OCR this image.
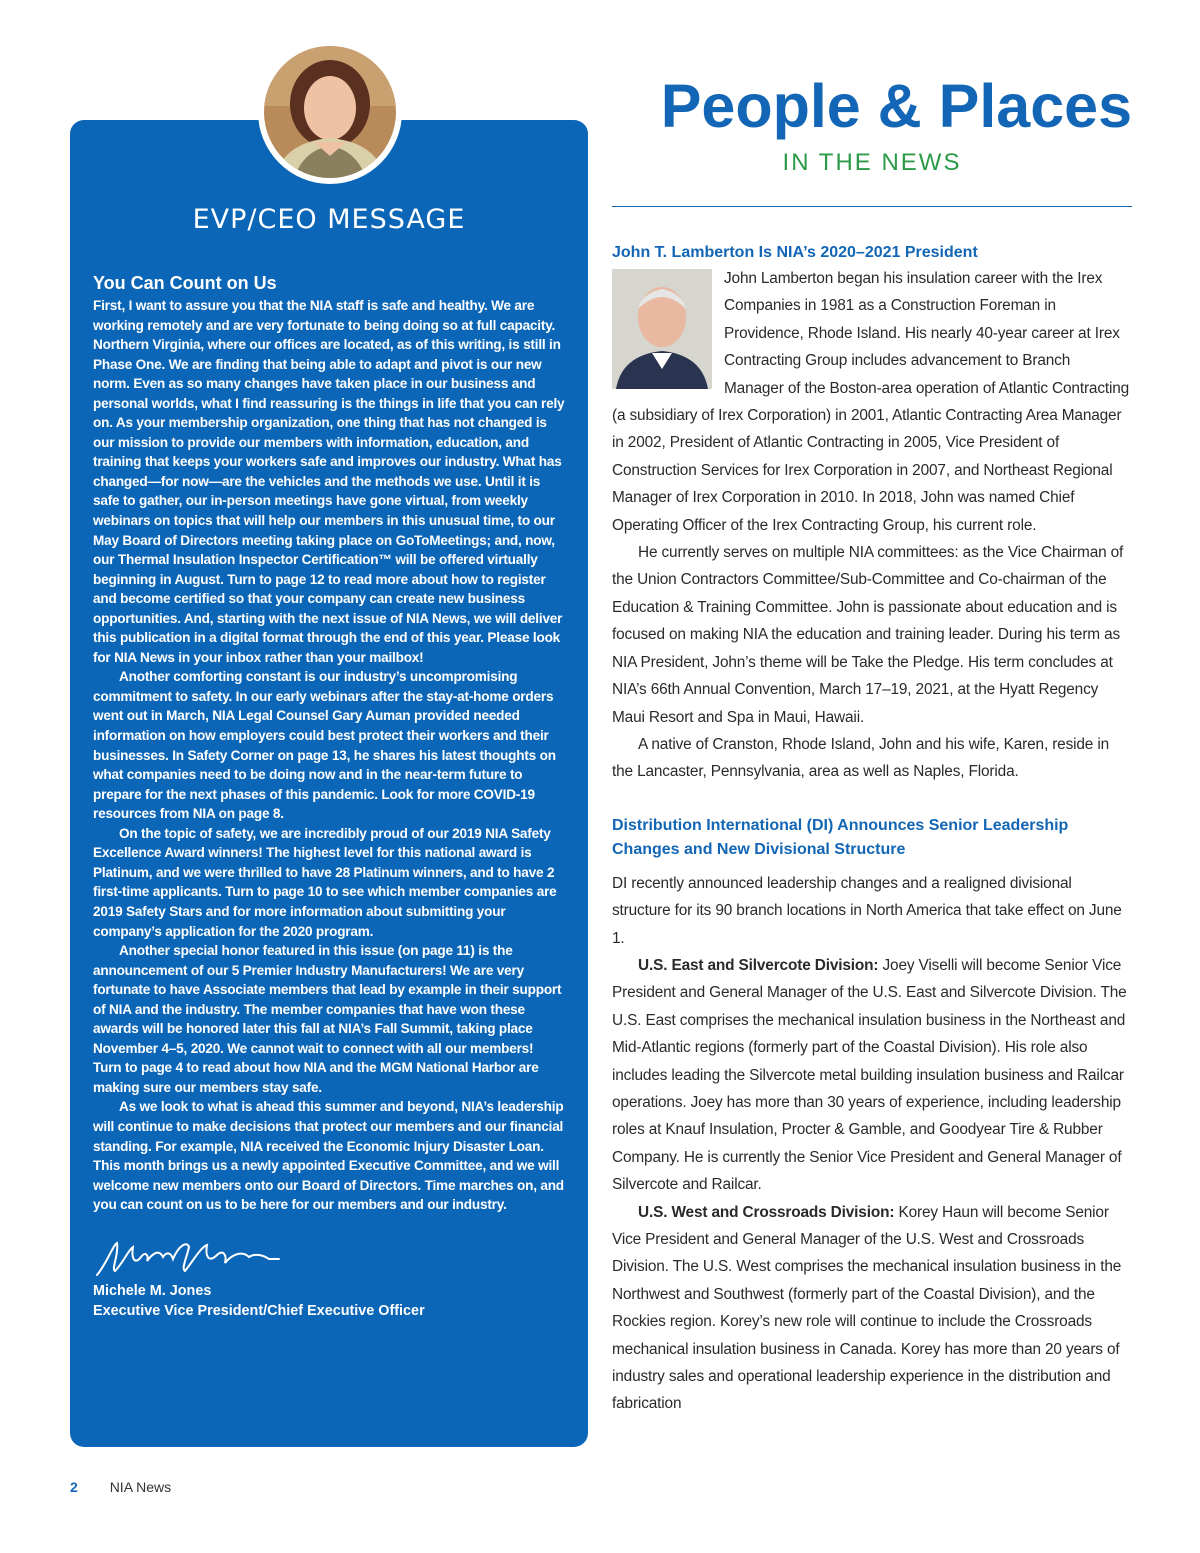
EVP/CEO MESSAGE
You Can Count on Us

First, I want to assure you that the NIA staff is safe and healthy. We are working remotely and are very fortunate to being doing so at full capacity. Northern Virginia, where our offices are located, as of this writing, is still in Phase One. We are finding that being able to adapt and pivot is our new norm. Even as so many changes have taken place in our business and personal worlds, what I find reassuring is the things in life that you can rely on. As your membership organization, one thing that has not changed is our mission to provide our members with information, education, and training that keeps your workers safe and improves our industry. What has changed—for now—are the vehicles and the methods we use. Until it is safe to gather, our in-person meetings have gone virtual, from weekly webinars on topics that will help our members in this unusual time, to our May Board of Directors meeting taking place on GoToMeetings; and, now, our Thermal Insulation Inspector Certification™ will be offered virtually beginning in August. Turn to page 12 to read more about how to register and become certified so that your company can create new business opportunities. And, starting with the next issue of NIA News, we will deliver this publication in a digital format through the end of this year. Please look for NIA News in your inbox rather than your mailbox!

Another comforting constant is our industry’s uncompromising commitment to safety. In our early webinars after the stay-at-home orders went out in March, NIA Legal Counsel Gary Auman provided needed information on how employers could best protect their workers and their businesses. In Safety Corner on page 13, he shares his latest thoughts on what companies need to be doing now and in the near-term future to prepare for the next phases of this pandemic. Look for more COVID-19 resources from NIA on page 8.

On the topic of safety, we are incredibly proud of our 2019 NIA Safety Excellence Award winners! The highest level for this national award is Platinum, and we were thrilled to have 28 Platinum winners, and to have 2 first-time applicants. Turn to page 10 to see which member companies are 2019 Safety Stars and for more information about submitting your company’s application for the 2020 program.

Another special honor featured in this issue (on page 11) is the announcement of our 5 Premier Industry Manufacturers! We are very fortunate to have Associate members that lead by example in their support of NIA and the industry. The member companies that have won these awards will be honored later this fall at NIA’s Fall Summit, taking place November 4–5, 2020. We cannot wait to connect with all our members! Turn to page 4 to read about how NIA and the MGM National Harbor are making sure our members stay safe.

As we look to what is ahead this summer and beyond, NIA’s leadership will continue to make decisions that protect our members and our financial standing. For example, NIA received the Economic Injury Disaster Loan. This month brings us a newly appointed Executive Committee, and we will welcome new members onto our Board of Directors. Time marches on, and you can count on us to be here for our members and our industry.

Michele M. Jones
Executive Vice President/Chief Executive Officer
People & Places
IN THE NEWS
John T. Lamberton Is NIA’s 2020–2021 President

John Lamberton began his insulation career with the Irex Companies in 1981 as a Construction Foreman in Providence, Rhode Island. His nearly 40-year career at Irex Contracting Group includes advancement to Branch Manager of the Boston-area operation of Atlantic Contracting (a subsidiary of Irex Corporation) in 2001, Atlantic Contracting Area Manager in 2002, President of Atlantic Contracting in 2005, Vice President of Construction Services for Irex Corporation in 2007, and Northeast Regional Manager of Irex Corporation in 2010. In 2018, John was named Chief Operating Officer of the Irex Contracting Group, his current role.

He currently serves on multiple NIA committees: as the Vice Chairman of the Union Contractors Committee/Sub-Committee and Co-chairman of the Education & Training Committee. John is passionate about education and is focused on making NIA the education and training leader. During his term as NIA President, John’s theme will be Take the Pledge. His term concludes at NIA’s 66th Annual Convention, March 17–19, 2021, at the Hyatt Regency Maui Resort and Spa in Maui, Hawaii.

A native of Cranston, Rhode Island, John and his wife, Karen, reside in the Lancaster, Pennsylvania, area as well as Naples, Florida.

Distribution International (DI) Announces Senior Leadership Changes and New Divisional Structure

DI recently announced leadership changes and a realigned divisional structure for its 90 branch locations in North America that take effect on June 1.

U.S. East and Silvercote Division: Joey Viselli will become Senior Vice President and General Manager of the U.S. East and Silvercote Division. The U.S. East comprises the mechanical insulation business in the Northeast and Mid-Atlantic regions (formerly part of the Coastal Division). His role also includes leading the Silvercote metal building insulation business and Railcar operations. Joey has more than 30 years of experience, including leadership roles at Knauf Insulation, Procter & Gamble, and Goodyear Tire & Rubber Company. He is currently the Senior Vice President and General Manager of Silvercote and Railcar.

U.S. West and Crossroads Division: Korey Haun will become Senior Vice President and General Manager of the U.S. West and Crossroads Division. The U.S. West comprises the mechanical insulation business in the Northwest and Southwest (formerly part of the Coastal Division), and the Rockies region. Korey’s new role will continue to include the Crossroads mechanical insulation business in Canada. Korey has more than 20 years of industry sales and operational leadership experience in the distribution and fabrication

2 NIA News
